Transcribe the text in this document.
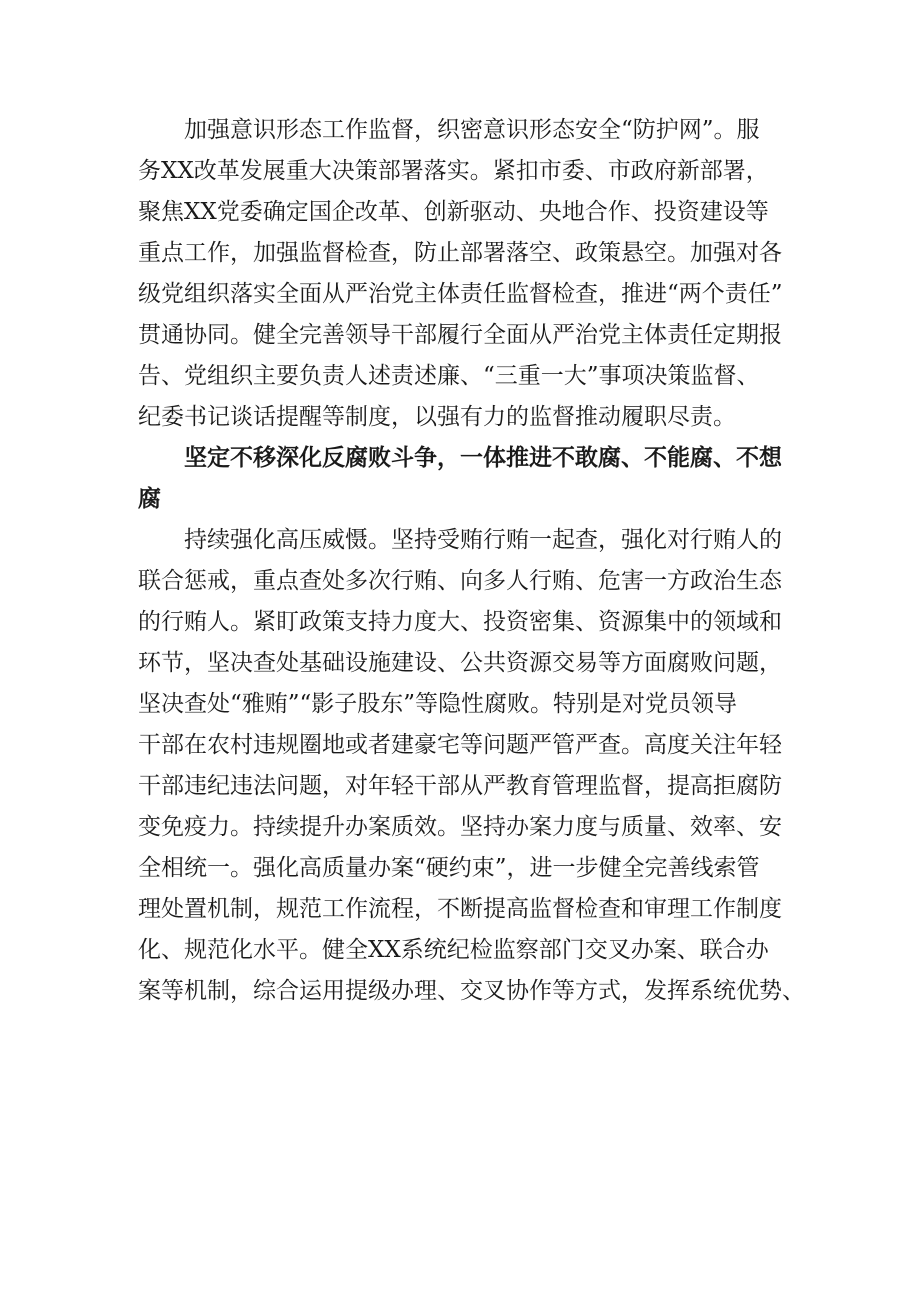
　　加强意识形态工作监督，织密意识形态安全“防护网”。服
务XX改革发展重大决策部署落实。紧扣市委、市政府新部署，
聚焦XX党委确定国企改革、创新驱动、央地合作、投资建设等
重点工作，加强监督检查，防止部署落空、政策悬空。加强对各
级党组织落实全面从严治党主体责任监督检查，推进“两个责任”
贯通协同。健全完善领导干部履行全面从严治党主体责任定期报
告、党组织主要负责人述责述廉、“三重一大”事项决策监督、
纪委书记谈话提醒等制度，以强有力的监督推动履职尽责。
　　坚定不移深化反腐败斗争，一体推进不敢腐、不能腐、不想
腐
　　持续强化高压威慑。坚持受贿行贿一起查，强化对行贿人的
联合惩戒，重点查处多次行贿、向多人行贿、危害一方政治生态
的行贿人。紧盯政策支持力度大、投资密集、资源集中的领域和
环节，坚决查处基础设施建设、公共资源交易等方面腐败问题，
坚决查处“雅贿”“影子股东”等隐性腐败。特别是对党员领导
干部在农村违规圈地或者建豪宅等问题严管严查。高度关注年轻
干部违纪违法问题，对年轻干部从严教育管理监督，提高拒腐防
变免疫力。持续提升办案质效。坚持办案力度与质量、效率、安
全相统一。强化高质量办案“硬约束”，进一步健全完善线索管
理处置机制，规范工作流程，不断提高监督检查和审理工作制度
化、规范化水平。健全XX系统纪检监察部门交叉办案、联合办
案等机制，综合运用提级办理、交叉协作等方式，发挥系统优势、
